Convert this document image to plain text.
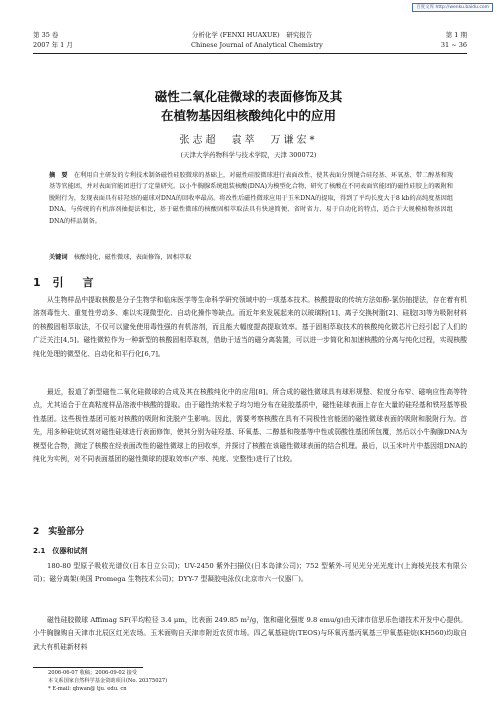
百度文库 http://wenku.baidu.com
第 35 卷	分析化学 (FENXI HUAXUE)　研究报告	第 1 期
2007 年 1 月	Chinese Journal of Analytical Chemistry	31 ~ 36
磁性二氧化硅微球的表面修饰及其
在植物基因组核酸纯化中的应用
张志超　袁萃　万谦宏*
(天津大学药物科学与技术学院，天津 300072)
摘　要　 在利用自主研发的专利技术制备磁性硅胶微球的基础上，对磁性硅胶微球进行表面改性，使其表面分别键合硅羟基、环氧基、带二醇基和羧基等官能团，并对表面官能团进行了定量研究。以小牛胸腺系统组装核酸(DNA)为模型化合物，研究了核酸在不同表面官能团的磁性硅胶上的吸附和脱附行为，发现表面具有硅羟基的磁球对DNA的回收率最高。将改性后磁性微球应用于玉米DNA的提取，得到了平均长度大于8 kb的高纯度基因组DNA。与传统的有机溶剂抽提法相比，基于磁性微球的核酸固相萃取法具有快速简便、省时省力、易于自动化的特点，适合于大规模植物基因组DNA的样品制备。
关键词　 核酸纯化，磁性微球，表面修饰，固相萃取
1 引　言
从生物样品中提取核酸是分子生物学和临床医学等生命科学研究领域中的一项基本技术。核酸提取的传统方法如酚-氯仿抽提法，存在着有机溶剂毒性大、重复性劳动多、难以实现微型化、自动化操作等缺点。而近年来发展起来的以玻璃粉[1]、离子交换树脂[2]、硅胶[3]等为吸附材料的核酸固相萃取法，不仅可以避免使用毒性强的有机溶剂，而且能大幅度提高提取效率。基于固相萃取技术的核酸纯化微芯片已经引起了人们的广泛关注[4,5]。磁性微粒作为一种新型的核酸固相萃取剂，借助于适当的磁分离装置，可以进一步简化和加速核酸的分离与纯化过程，实现核酸纯化处理的微型化、自动化和平行化[6,7]。
最近，报道了新型磁性二氧化硅微球的合成及其在核酸纯化中的应用[8]。所合成的磁性微球具有球形规整、粒度分布窄、磁响应性高等特点，尤其适合于在高粘度样品溶液中核酸的提取。由于磁性纳米粒子均匀地分布在硅胶基质中，磁性硅球表面上存在大量的硅羟基和铁羟基等极性基团。这些极性基团可能对核酸的吸附和洗脱产生影响。因此，需要考察核酸在具有不同极性官能团的磁性微球表面的吸附和脱附行为。首先，用多种硅烷试剂对磁性硅球进行表面修饰，使其分别为硅羟基、环氧基、二醇基和羧基等中性或弱酸性基团所包覆，然后以小牛胸腺DNA为模型化合物，测定了核酸在经表面改性的磁性微球上的回收率，并探讨了核酸在该磁性微球表面的结合机理。最后，以玉米叶片中基因组DNA的纯化为实例，对不同表面基团的磁性微球的提取效率(产率、纯度、完整性)进行了比较。
2　实验部分
2.1　仪器和试剂
180-80 型原子吸收光谱仪(日本日立公司)；UV-2450 紫外扫描仪(日本岛津公司)；752 型紫外-可见光分光光度计(上海棱光技术有限公司)；磁分离架(美国 Promega 生物技术公司)；DYY-7 型凝胶电泳仪(北京市六一仪器厂)。
磁性硅胶微球 Affimag SF(平均粒径 3.4 μm，比表面 249.85 m²/g，饱和磁化强度 9.8 emu/g)由天津市信思乐色谱技术开发中心提供。小牛胸腺购自天津市北辰区红光农场。玉米面购自天津市附近农贸市场。四乙氧基硅烷(TEOS)与环氧丙基丙氧基三甲氧基硅烷(KH560)均取自武大有机硅新材料
2006-06-07 收稿；2006-09-02 接受
本文系国家自然科学基金资助项目(No. 20375027)
* E-mail: qhwan@ tju. edu. cn
